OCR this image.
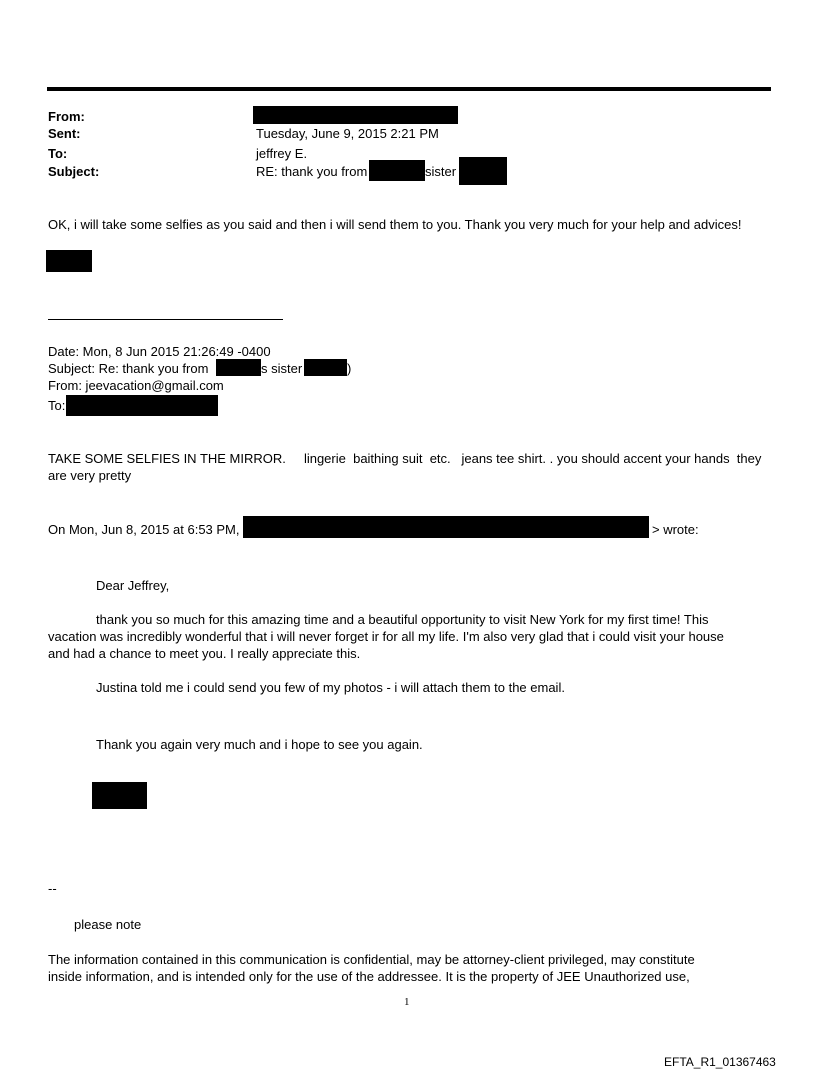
From:
Sent:	Tuesday, June 9, 2015 2:21 PM
To:	jeffrey E.
Subject:	RE: thank you from	sister
OK, i will take some selfies as you said and then i will send them to you. Thank you very much for your help and advices!
Date: Mon, 8 Jun 2015 21:26:49 -0400
Subject: Re: thank you from	s sister	)
From: jeevacation@gmail.com
To:
TAKE SOME SELFIES IN THE MIRROR.     lingerie  baithing suit  etc.   jeans tee shirt. . you should accent your hands  they
are very pretty
On Mon, Jun 8, 2015 at 6:53 PM,	> wrote:
Dear Jeffrey,
thank you so much for this amazing time and a beautiful opportunity to visit New York for my first time! This
vacation was incredibly wonderful that i will never forget ir for all my life. I'm also very glad that i could visit your house
and had a chance to meet you. I really appreciate this.
Justina told me i could send you few of my photos - i will attach them to the email.
Thank you again very much and i hope to see you again.
--
please note
The information contained in this communication is confidential, may be attorney-client privileged, may constitute
inside information, and is intended only for the use of the addressee. It is the property of JEE Unauthorized use,
1
EFTA_R1_01367463
